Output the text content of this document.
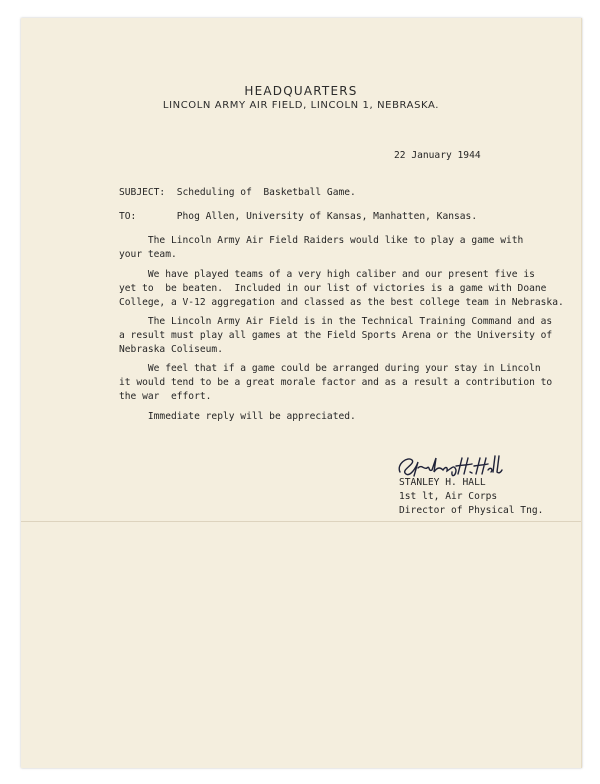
HEADQUARTERS
LINCOLN ARMY AIR FIELD, LINCOLN 1, NEBRASKA.
22 January 1944
SUBJECT:  Scheduling of  Basketball Game.
TO:       Phog Allen, University of Kansas, Manhatten, Kansas.
The Lincoln Army Air Field Raiders would like to play a game with
your team.
We have played teams of a very high caliber and our present five is
yet to  be beaten.  Included in our list of victories is a game with Doane
College, a V-12 aggregation and classed as the best college team in Nebraska.
The Lincoln Army Air Field is in the Technical Training Command and as
a result must play all games at the Field Sports Arena or the University of
Nebraska Coliseum.
We feel that if a game could be arranged during your stay in Lincoln
it would tend to be a great morale factor and as a result a contribution to
the war  effort.
Immediate reply will be appreciated.
STANLEY H. HALL
1st lt, Air Corps
Director of Physical Tng.
